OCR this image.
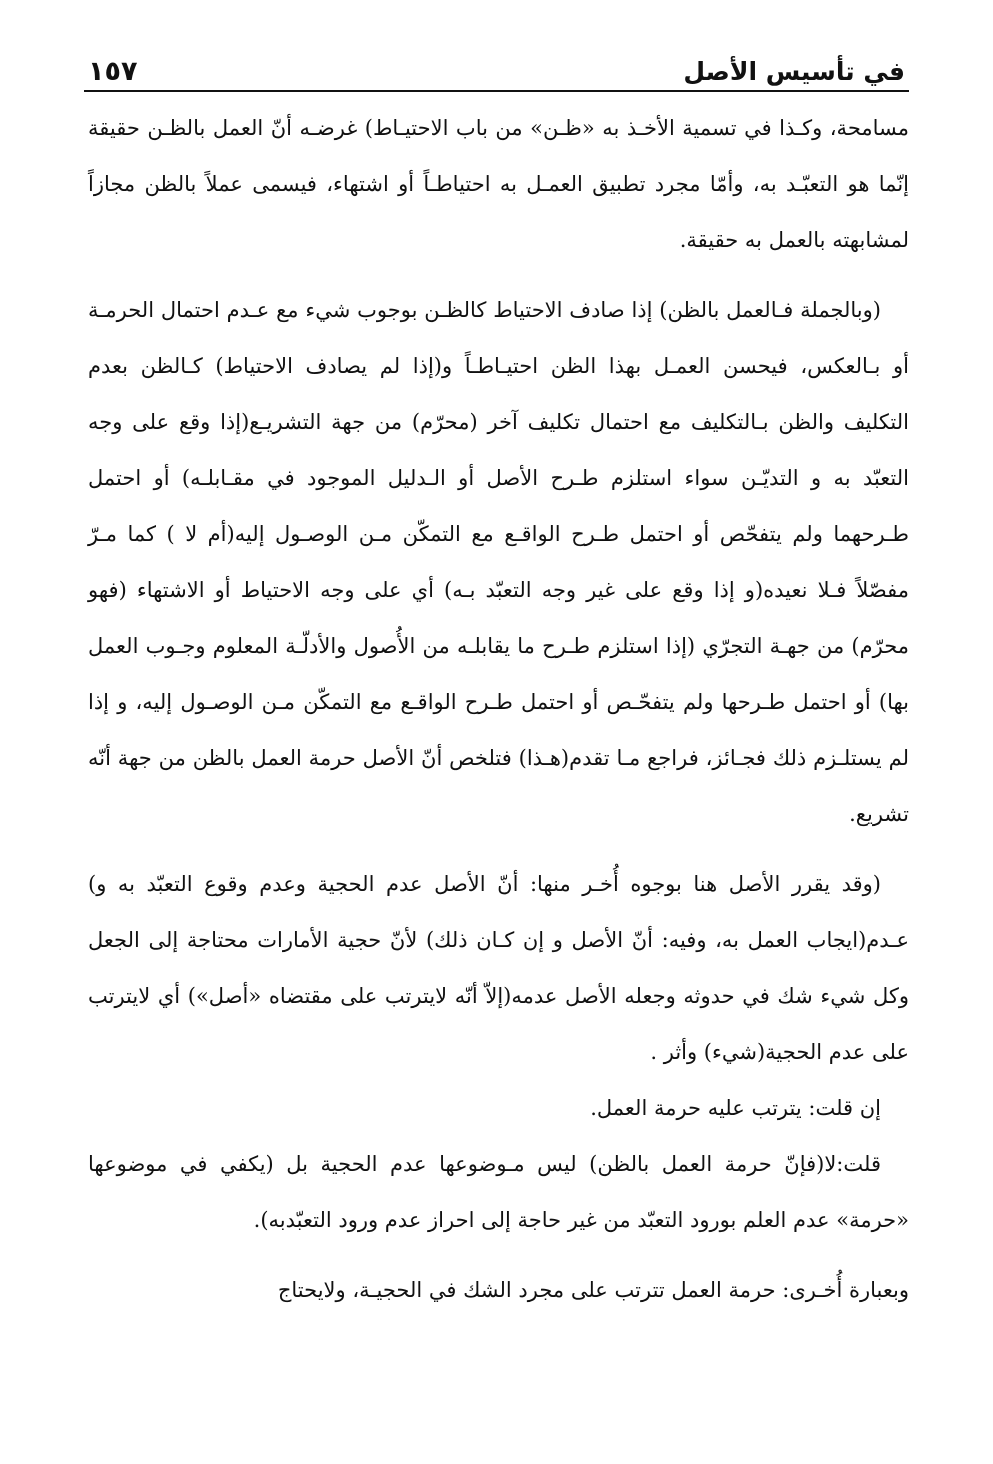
في تأسيس الأصل
١٥٧

مسامحة، وكـذا في تسمية الأخـذ به «ظـن» من باب الاحتيـاط) غرضـه أنّ العمل بالظـن حقيقة إنّما هو التعبّـد به، وأمّا مجرد تطبيق العمـل به احتياطـاً أو اشتهاء، فيسمى عملاً بالظن مجازاً لمشابهته بالعمل به حقيقة.

(وبالجملة فـالعمل بالظن) إذا صادف الاحتياط كالظـن بوجوب شيء مع عـدم احتمال الحرمـة أو بـالعكس، فيحسن العمـل بهذا الظن احتيـاطـاً و(إذا لم يصادف الاحتياط) كـالظن بعدم التكليف والظن بـالتكليف مع احتمال تكليف آخر (محرّم) من جهة التشريـع(إذا وقع على وجه التعبّد به و التديّـن سواء استلزم طـرح الأصل أو الـدليل الموجود في مقـابلـه) أو احتمل طـرحهما ولم يتفحّص أو احتمل طـرح الواقـع مع التمكّن مـن الوصـول إليه(أم لا ) كما مـرّ مفصّلاً فـلا نعيده(و إذا وقع على غير وجه التعبّد بـه) أي على وجه الاحتياط أو الاشتهاء (فهو محرّم) من جهـة التجرّي (إذا استلزم طـرح ما يقابلـه من الأُصول والأدلّـة المعلوم وجـوب العمل بها) أو احتمل طـرحها ولم يتفحّـص أو احتمل طـرح الواقـع مع التمكّن مـن الوصـول إليه، و إذا لم يستلـزم ذلك فجـائز، فراجع مـا تقدم(هـذا) فتلخص أنّ الأصل حرمة العمل بالظن من جهة أنّه تشريع.

(وقد يقرر الأصل هنا بوجوه أُخـر منها: أنّ الأصل عدم الحجية وعدم وقوع التعبّد به و) عـدم(ايجاب العمل به، وفيه: أنّ الأصل و إن كـان ذلك) لأنّ حجية الأمارات محتاجة إلى الجعل وكل شيء شك في حدوثه وجعله الأصل عدمه(إلاّ أنّه لايترتب على مقتضاه «أصل») أي لايترتب على عدم الحجية(شيء) وأثر .

إن قلت: يترتب عليه حرمة العمل.

قلت:لا(فإنّ حرمة العمل بالظن) ليس مـوضوعها عدم الحجية بل (يكفي في موضوعها «حرمة» عدم العلم بورود التعبّد من غير حاجة إلى احراز عدم ورود التعبّدبه).

وبعبارة أُخـرى: حرمة العمل تترتب على مجرد الشك في الحجيـة، ولايحتاج
